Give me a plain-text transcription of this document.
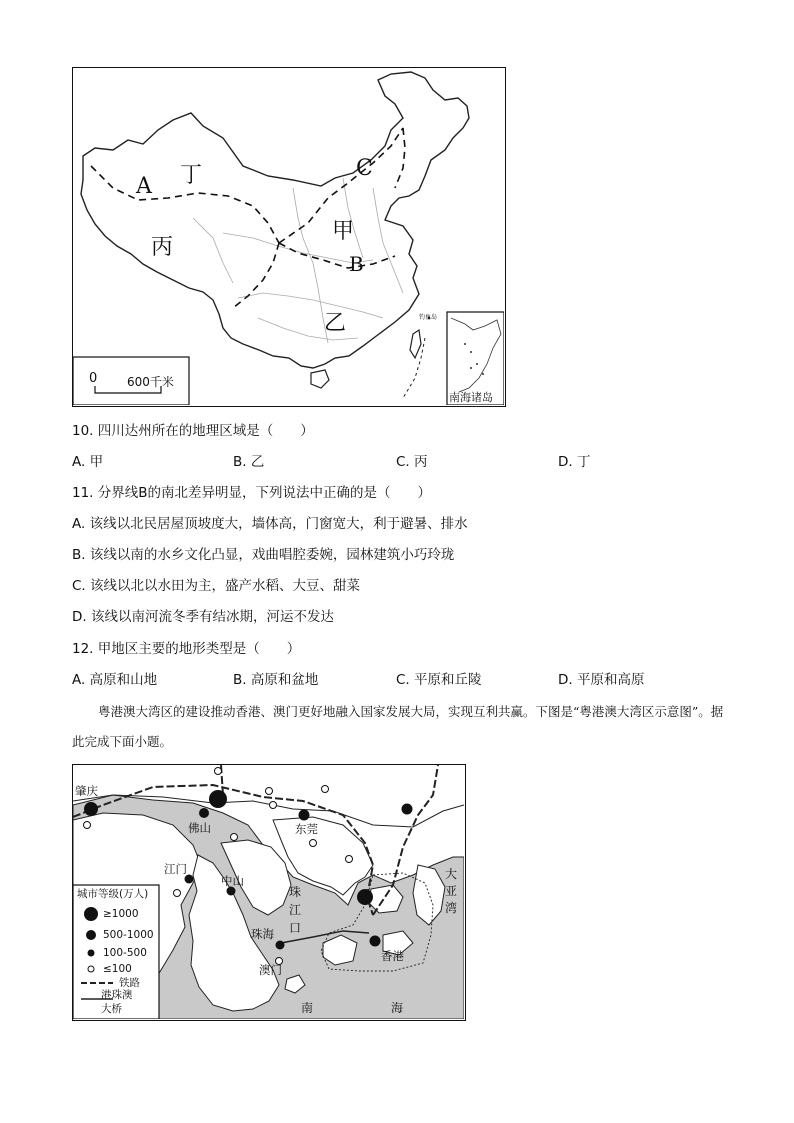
A 丁	C
甲
丙
B
乙	钓鱼岛
0 600千米
南海诸岛
10. 四川达州所在的地理区域是（　　）
A. 甲	B. 乙	C. 丙	D. 丁
11. 分界线B的南北差异明显，下列说法中正确的是（　　）
A. 该线以北民居屋顶坡度大，墙体高，门窗宽大，利于避暑、排水
B. 该线以南的水乡文化凸显，戏曲唱腔委婉，园林建筑小巧玲珑
C. 该线以北以水田为主，盛产水稻、大豆、甜菜
D. 该线以南河流冬季有结冰期，河运不发达
12. 甲地区主要的地形类型是（　　）
A. 高原和山地	B. 高原和盆地	C. 平原和丘陵	D. 平原和高原
粤港澳大湾区的建设推动香港、澳门更好地融入国家发展大局，实现互利共赢。下图是“粤港澳大湾区示意图”。据此完成下面小题。
肇庆
佛山	东莞
江门
中山
珠海
澳门
香港
珠
江
口
大
亚
湾
南	海
城市等级(万人)
≥1000
500-1000
100-500
≤100
铁路
港珠澳
大桥
